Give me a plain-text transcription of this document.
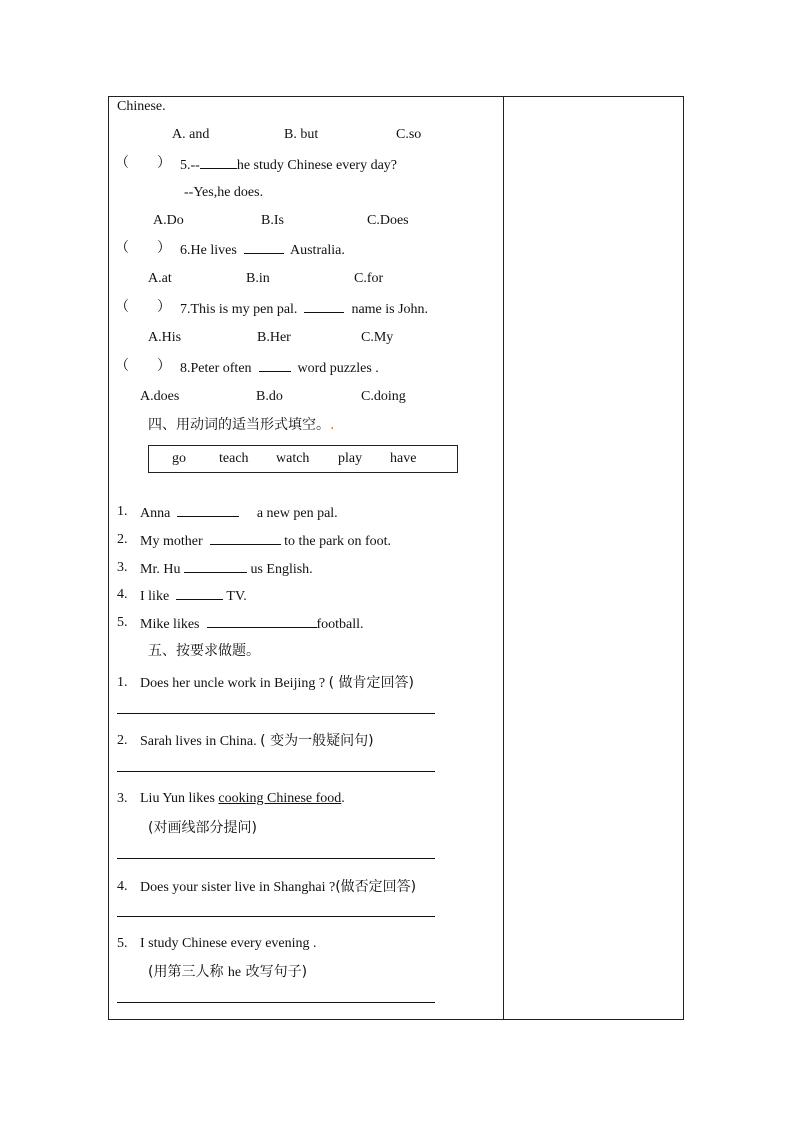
Chinese.
A. and	B. but	C.so
（　　） 5.--	he study Chinese every day?
--Yes,he does.
A.Do	B.Is	C.Does
（　　） 6.He lives	Australia.
A.at	B.in	C.for
（　　） 7.This is my pen pal.	name is John.
A.His	B.Her	C.My
（　　） 8.Peter often	word puzzles .
A.does	B.do	C.doing
四、用动词的适当形式填空。.
go teach watch play have
1. Anna	a new pen pal.
2. My mother	to the park on foot.
3. Mr. Hu	us English.
4. I like	TV.
5. Mike likes	football.
五、按要求做题。
1. Does her uncle work in Beijing ? ( 做肯定回答)
2. Sarah lives in China. ( 变为一般疑问句)
3. Liu Yun likes cooking Chinese food.
(对画线部分提问)
4. Does your sister live in Shanghai ?(做否定回答)
5. I study Chinese every evening .
(用第三人称 he 改写句子)
